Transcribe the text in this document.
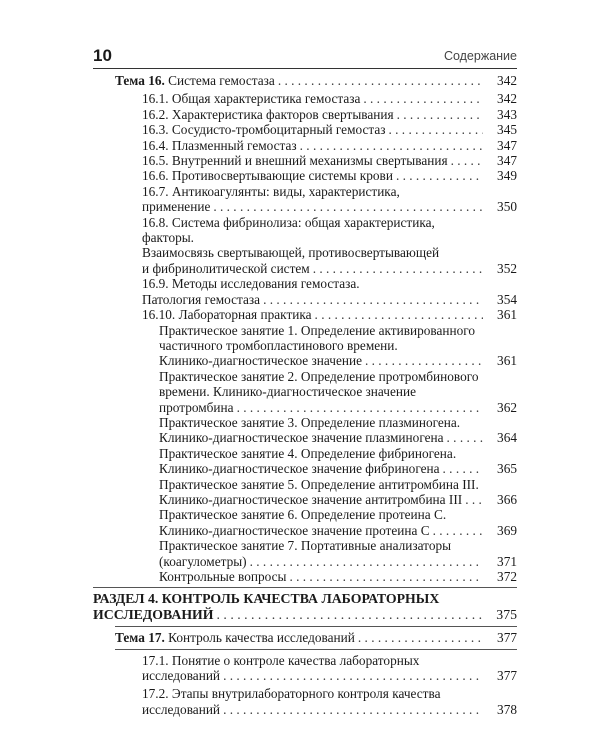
10	Содержание
Тема 16. Система гемостаза . . .	342
16.1. Общая характеристика гемостаза . . .	342
16.2. Характеристика факторов свертывания . . .	343
16.3. Сосудисто-тромбоцитарный гемостаз . . .	345
16.4. Плазменный гемостаз . . .	347
16.5. Внутренний и внешний механизмы свертывания . . .	347
16.6. Противосвертывающие системы крови . . .	349
16.7. Антикоагулянты: виды, характеристика,
применение . . .	350
16.8. Система фибринолиза: общая характеристика, факторы.
Взаимосвязь свертывающей, противосвертывающей
и фибринолитической систем . . .	352
16.9. Методы исследования гемостаза.
Патология гемостаза . . .	354
16.10. Лабораторная практика . . .	361
Практическое занятие 1. Определение активированного
частичного тромбопластинового времени.
Клинико-диагностическое значение . . .	361
Практическое занятие 2. Определение протромбинового
времени. Клинико-диагностическое значение
протромбина . . .	362
Практическое занятие 3. Определение плазминогена.
Клинико-диагностическое значение плазминогена . . .	364
Практическое занятие 4. Определение фибриногена.
Клинико-диагностическое значение фибриногена . . .	365
Практическое занятие 5. Определение антитромбина III.
Клинико-диагностическое значение антитромбина III . . .	366
Практическое занятие 6. Определение протеина С.
Клинико-диагностическое значение протеина С . . .	369
Практическое занятие 7. Портативные анализаторы
(коагулометры) . . .	371
Контрольные вопросы . . .	372
РАЗДЕЛ 4. КОНТРОЛЬ КАЧЕСТВА ЛАБОРАТОРНЫХ
ИССЛЕДОВАНИЙ . . .	375
Тема 17. Контроль качества исследований . . .	377
17.1. Понятие о контроле качества лабораторных
исследований . . .	377
17.2. Этапы внутрилабораторного контроля качества
исследований . . .	378
